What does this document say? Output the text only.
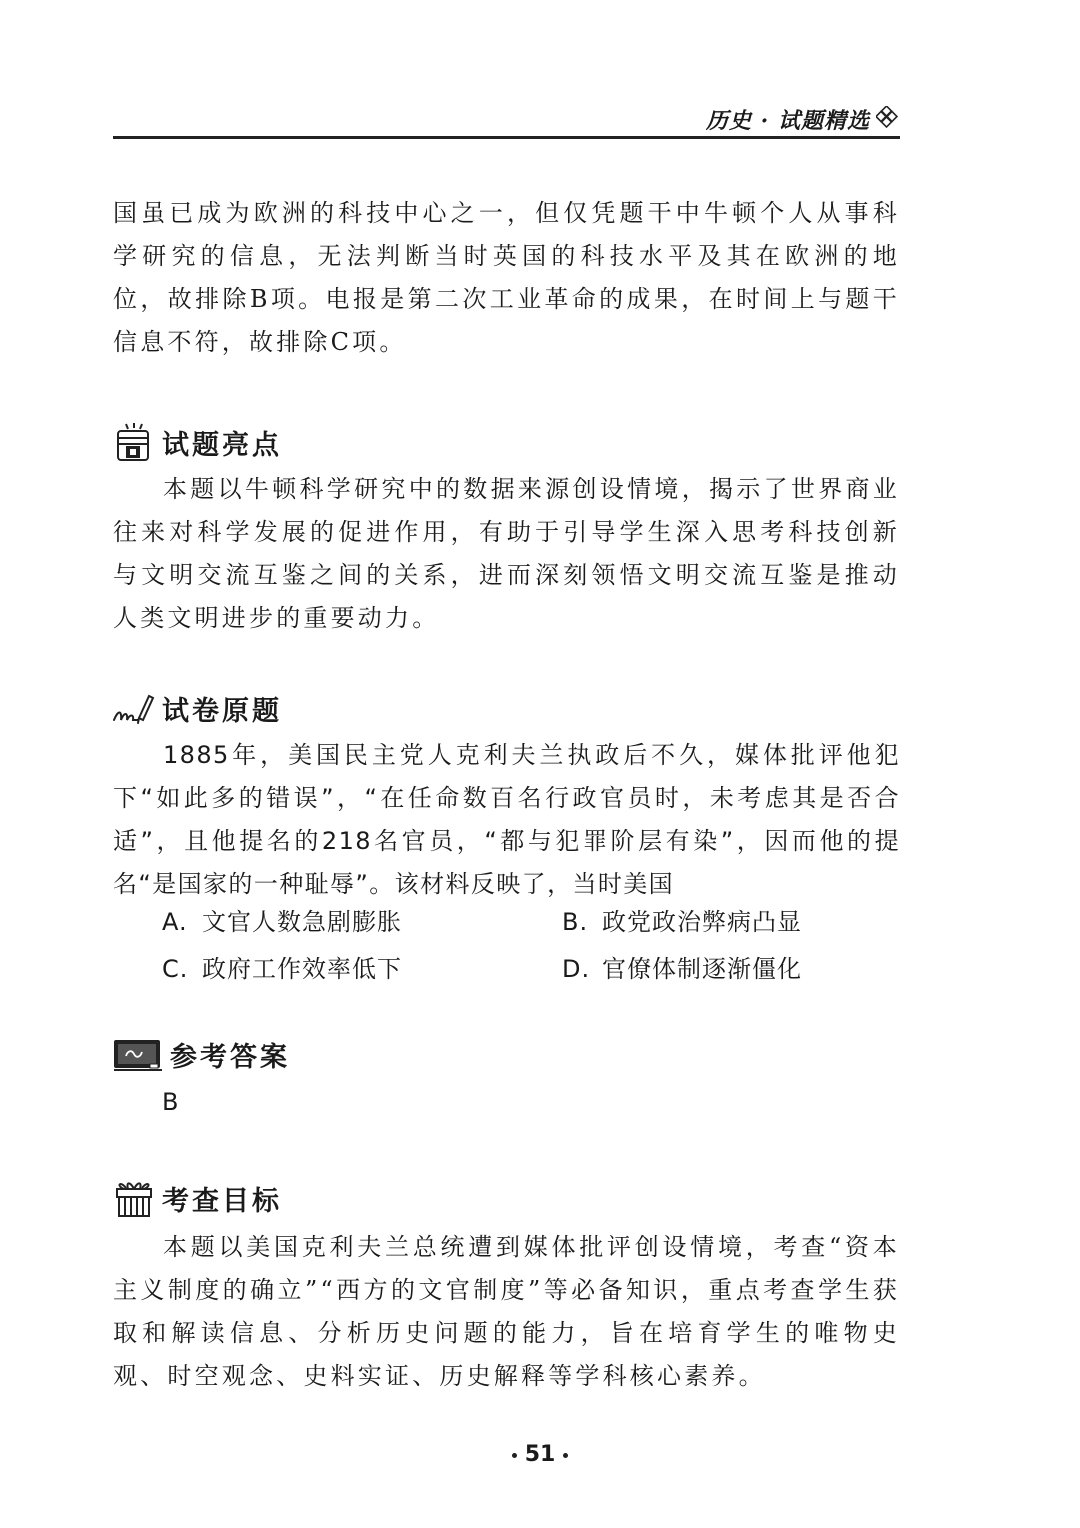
历史 · 试题精选

国虽已成为欧洲的科技中心之一，但仅凭题干中牛顿个人从事科学研究的信息，无法判断当时英国的科技水平及其在欧洲的地位，故排除B项。电报是第二次工业革命的成果，在时间上与题干信息不符，故排除C项。

试题亮点

本题以牛顿科学研究中的数据来源创设情境，揭示了世界商业往来对科学发展的促进作用，有助于引导学生深入思考科技创新与文明交流互鉴之间的关系，进而深刻领悟文明交流互鉴是推动人类文明进步的重要动力。

试卷原题

1885年，美国民主党人克利夫兰执政后不久，媒体批评他犯下“如此多的错误”，“在任命数百名行政官员时，未考虑其是否合适”，且他提名的218名官员，“都与犯罪阶层有染”，因而他的提名“是国家的一种耻辱”。该材料反映了，当时美国

A. 文官人数急剧膨胀	B. 政党政治弊病凸显
C. 政府工作效率低下	D. 官僚体制逐渐僵化
参考答案
B
考查目标

本题以美国克利夫兰总统遭到媒体批评创设情境，考查“资本主义制度的确立”“西方的文官制度”等必备知识，重点考查学生获取和解读信息、分析历史问题的能力，旨在培育学生的唯物史观、时空观念、史料实证、历史解释等学科核心素养。

51
